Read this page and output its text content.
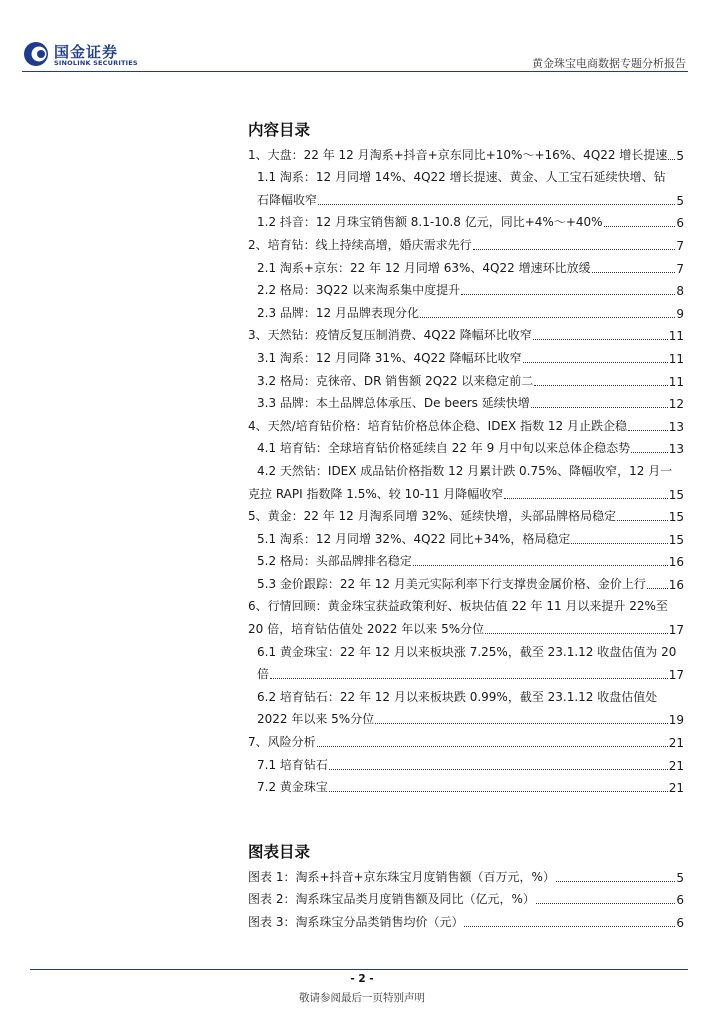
国金证券
SINOLINK SECURITIES	黄金珠宝电商数据专题分析报告
内容目录
1、大盘：22 年 12 月淘系+抖音+京东同比+10%～+16%、4Q22 增长提速 5
1.1 淘系：12 月同增 14%、4Q22 增长提速、黄金、人工宝石延续快增、钻
石降幅收窄	5
1.2 抖音：12 月珠宝销售额 8.1-10.8 亿元，同比+4%～+40%	6
2、培育钻：线上持续高增，婚庆需求先行	7
2.1 淘系+京东：22 年 12 月同增 63%、4Q22 增速环比放缓	7
2.2 格局：3Q22 以来淘系集中度提升	8
2.3 品牌：12 月品牌表现分化	9
3、天然钻：疫情反复压制消费、4Q22 降幅环比收窄	11
3.1 淘系：12 月同降 31%、4Q22 降幅环比收窄	11
3.2 格局：克徕帝、DR 销售额 2Q22 以来稳定前二	11
3.3 品牌：本土品牌总体承压、De beers 延续快增	12
4、天然/培育钻价格：培育钻价格总体企稳、IDEX 指数 12 月止跌企稳	13
4.1 培育钻：全球培育钻价格延续自 22 年 9 月中旬以来总体企稳态势	13
4.2 天然钻：IDEX 成品钻价格指数 12 月累计跌 0.75%、降幅收窄，12 月一
克拉 RAPI 指数降 1.5%、较 10-11 月降幅收窄	15
5、黄金：22 年 12 月淘系同增 32%、延续快增，头部品牌格局稳定	15
5.1 淘系：12 月同增 32%、4Q22 同比+34%，格局稳定	15
5.2 格局：头部品牌排名稳定	16
5.3 金价跟踪：22 年 12 月美元实际利率下行支撑贵金属价格、金价上行 16
6、行情回顾：黄金珠宝获益政策利好、板块估值 22 年 11 月以来提升 22%至
20 倍，培育钻估值处 2022 年以来 5%分位	17
6.1 黄金珠宝：22 年 12 月以来板块涨 7.25%，截至 23.1.12 收盘估值为 20
倍	17
6.2 培育钻石：22 年 12 月以来板块跌 0.99%，截至 23.1.12 收盘估值处
2022 年以来 5%分位	19
7、风险分析	21
7.1 培育钻石	21
7.2 黄金珠宝	21
图表目录
图表 1：淘系+抖音+京东珠宝月度销售额（百万元，%）	5
图表 2：淘系珠宝品类月度销售额及同比（亿元，%）	6
图表 3：淘系珠宝分品类销售均价（元）	6
- 2 -
敬请参阅最后一页特别声明
